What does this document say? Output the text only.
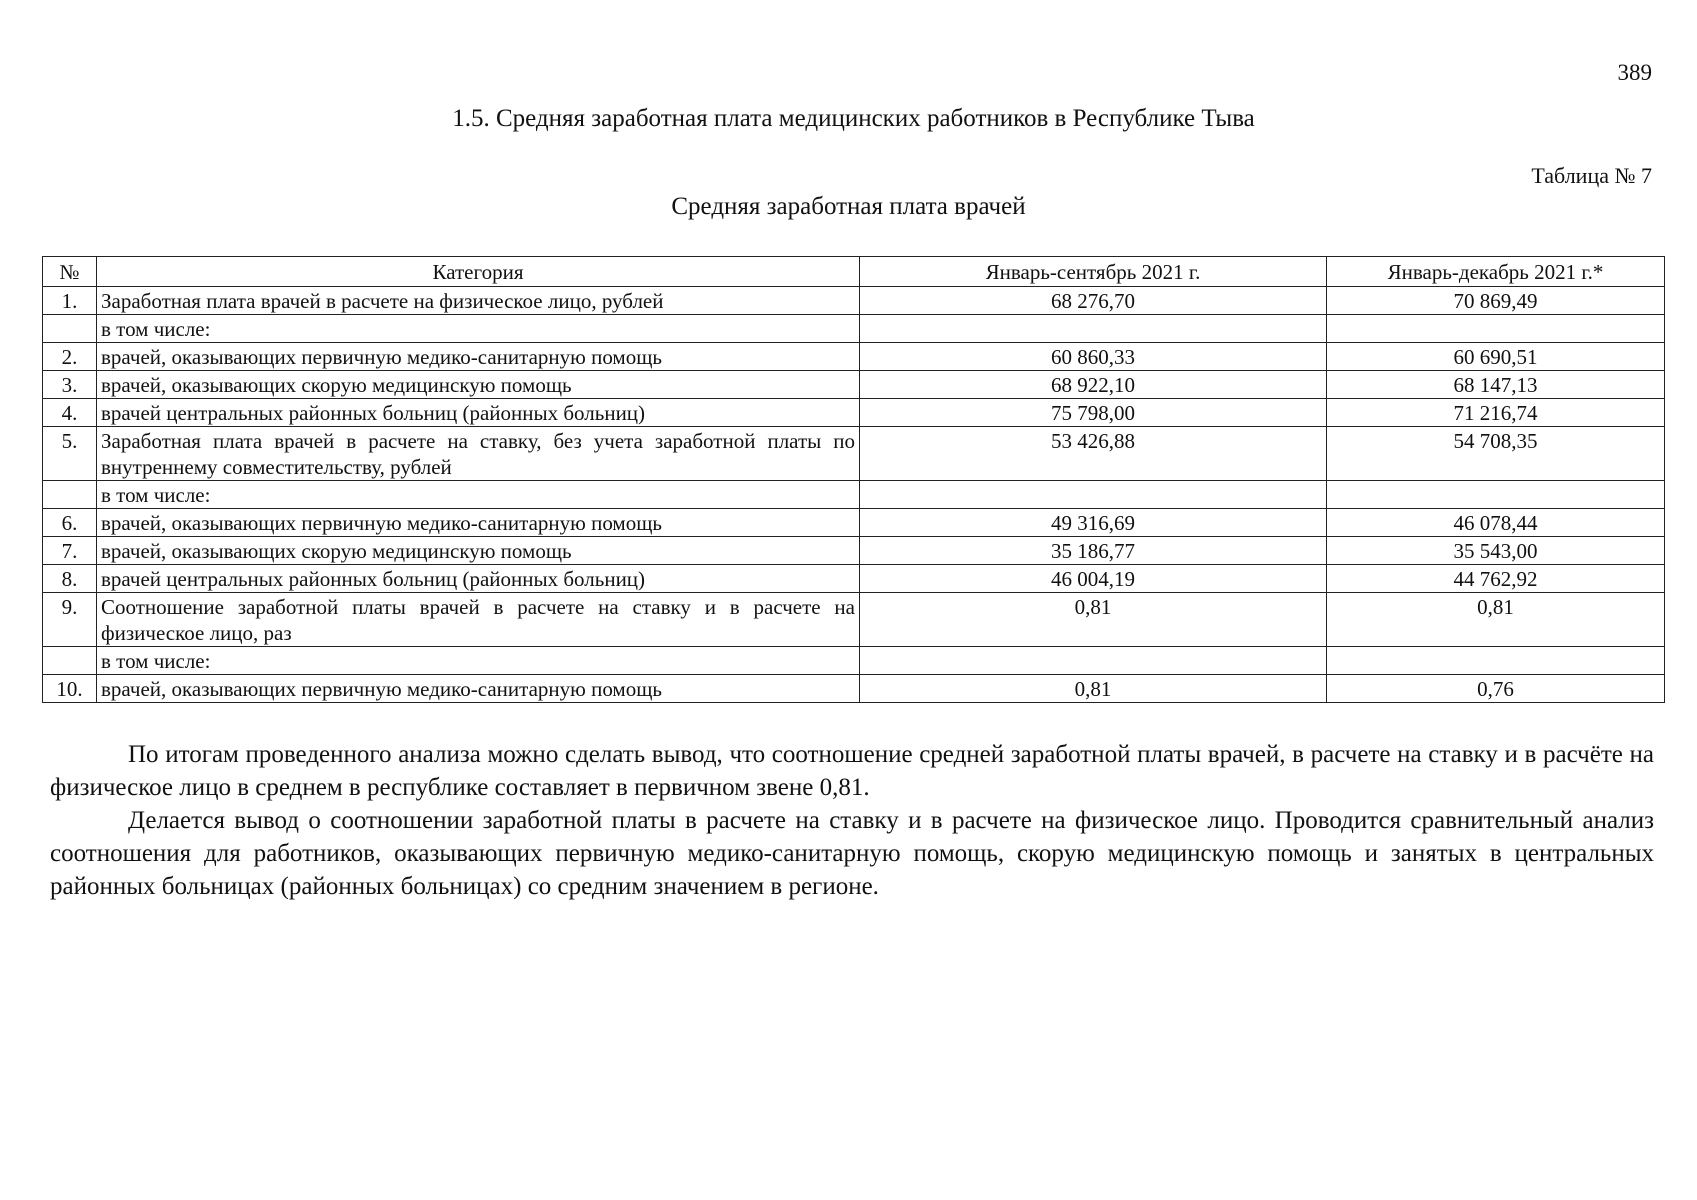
389
1.5. Средняя заработная плата медицинских работников в Республике Тыва
Таблица № 7
Средняя заработная плата врачей
№	Категория	Январь-сентябрь 2021 г.	Январь-декабрь 2021 г.*
1.	Заработная плата врачей в расчете на физическое лицо, рублей	68 276,70	70 869,49
	в том числе:		
2.	врачей, оказывающих первичную медико-санитарную помощь	60 860,33	60 690,51
3.	врачей, оказывающих скорую медицинскую помощь	68 922,10	68 147,13
4.	врачей центральных районных больниц (районных больниц)	75 798,00	71 216,74
5.	Заработная плата врачей в расчете на ставку, без учета заработной платы по внутреннему совместительству, рублей	53 426,88	54 708,35
	в том числе:		
6.	врачей, оказывающих первичную медико-санитарную помощь	49 316,69	46 078,44
7.	врачей, оказывающих скорую медицинскую помощь	35 186,77	35 543,00
8.	врачей центральных районных больниц (районных больниц)	46 004,19	44 762,92
9.	Соотношение заработной платы врачей в расчете на ставку и в расчете на физическое лицо, раз	0,81	0,81
	в том числе:		
10.	врачей, оказывающих первичную медико-санитарную помощь	0,81	0,76

По итогам проведенного анализа можно сделать вывод, что соотношение средней заработной платы врачей, в расчете на ставку и в расчёте на физическое лицо в среднем в республике составляет в первичном звене 0,81.

Делается вывод о соотношении заработной платы в расчете на ставку и в расчете на физическое лицо. Проводится сравнительный анализ соотношения для работников, оказывающих первичную медико-санитарную помощь, скорую медицинскую помощь и занятых в центральных районных больницах (районных больницах) со средним значением в регионе.
